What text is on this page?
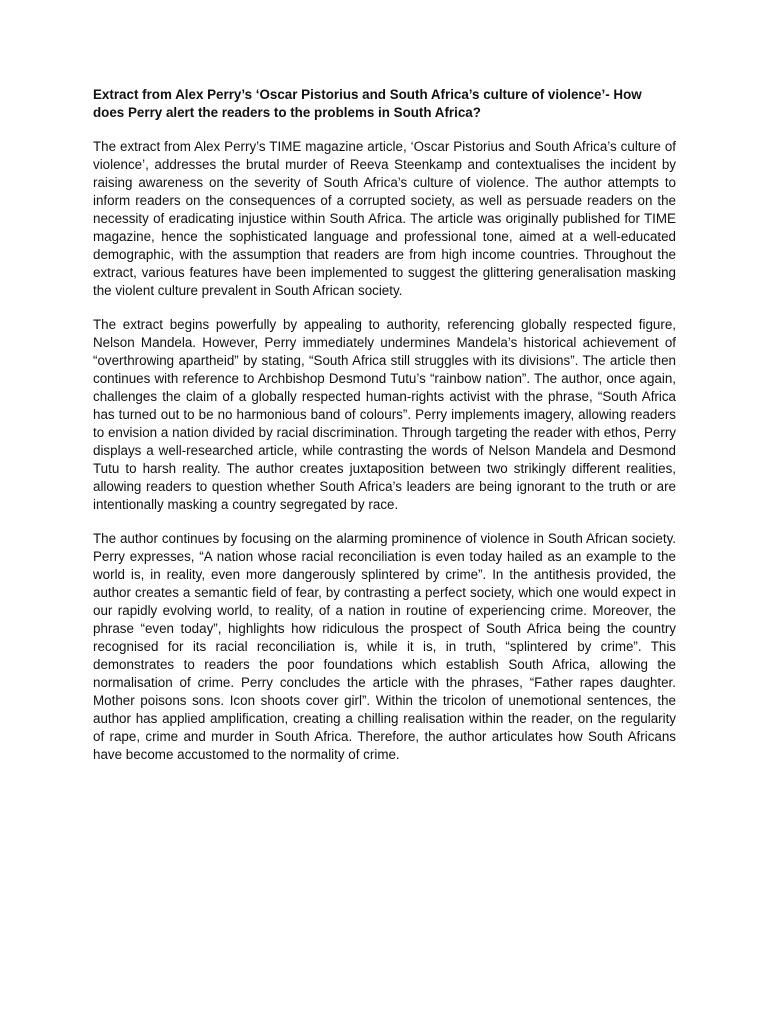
Extract from Alex Perry’s ‘Oscar Pistorius and South Africa’s culture of violence’- How does Perry alert the readers to the problems in South Africa?

The extract from Alex Perry’s TIME magazine article, ‘Oscar Pistorius and South Africa’s culture of violence’, addresses the brutal murder of Reeva Steenkamp and contextualises the incident by raising awareness on the severity of South Africa’s culture of violence. The author attempts to inform readers on the consequences of a corrupted society, as well as persuade readers on the necessity of eradicating injustice within South Africa. The article was originally published for TIME magazine, hence the sophisticated language and professional tone, aimed at a well-educated demographic, with the assumption that readers are from high income countries. Throughout the extract, various features have been implemented to suggest the glittering generalisation masking the violent culture prevalent in South African society.

The extract begins powerfully by appealing to authority, referencing globally respected figure, Nelson Mandela. However, Perry immediately undermines Mandela’s historical achievement of “overthrowing apartheid” by stating, “South Africa still struggles with its divisions”. The article then continues with reference to Archbishop Desmond Tutu’s “rainbow nation”. The author, once again, challenges the claim of a globally respected human-rights activist with the phrase, “South Africa has turned out to be no harmonious band of colours”. Perry implements imagery, allowing readers to envision a nation divided by racial discrimination. Through targeting the reader with ethos, Perry displays a well-researched article, while contrasting the words of Nelson Mandela and Desmond Tutu to harsh reality. The author creates juxtaposition between two strikingly different realities, allowing readers to question whether South Africa’s leaders are being ignorant to the truth or are intentionally masking a country segregated by race.

The author continues by focusing on the alarming prominence of violence in South African society. Perry expresses, “A nation whose racial reconciliation is even today hailed as an example to the world is, in reality, even more dangerously splintered by crime”. In the antithesis provided, the author creates a semantic field of fear, by contrasting a perfect society, which one would expect in our rapidly evolving world, to reality, of a nation in routine of experiencing crime. Moreover, the phrase “even today”, highlights how ridiculous the prospect of South Africa being the country recognised for its racial reconciliation is, while it is, in truth, “splintered by crime”. This demonstrates to readers the poor foundations which establish South Africa, allowing the normalisation of crime. Perry concludes the article with the phrases, “Father rapes daughter. Mother poisons sons. Icon shoots cover girl”. Within the tricolon of unemotional sentences, the author has applied amplification, creating a chilling realisation within the reader, on the regularity of rape, crime and murder in South Africa. Therefore, the author articulates how South Africans have become accustomed to the normality of crime.
